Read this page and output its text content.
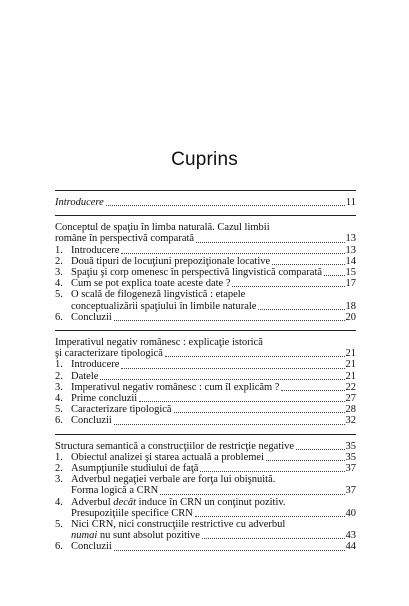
Cuprins
Introducere	11
Conceptul de spaţiu în limba naturală. Cazul limbii
române în perspectivă comparată	13
1. Introducere	13
2. Două tipuri de locuţiuni prepoziţionale locative	14
3. Spaţiu şi corp omenesc în perspectivă lingvistică comparată 15
4. Cum se pot explica toate aceste date ?	17
5. O scală de filogeneză lingvistică : etapele
conceptualizării spaţiului în limbile naturale	18
6. Concluzii	20
Imperativul negativ românesc : explicaţie istorică
şi caracterizare tipologică	21
1. Introducere	21
2. Datele	21
3. Imperativul negativ românesc : cum îl explicăm ?	22
4. Prime concluzii	27
5. Caracterizare tipologică	28
6. Concluzii	32
Structura semantică a construcţiilor de restricţie negative	35
1. Obiectul analizei şi starea actuală a problemei	35
2. Asumpţiunile studiului de faţă	37
3. Adverbul negaţiei verbale are forţa lui obişnuită.
Forma logică a CRN	37
4. Adverbul decât induce în CRN un conţinut pozitiv.
Presupoziţiile specifice CRN	40
5. Nici CRN, nici construcţiile restrictive cu adverbul
numai nu sunt absolut pozitive	43
6. Concluzii	44
